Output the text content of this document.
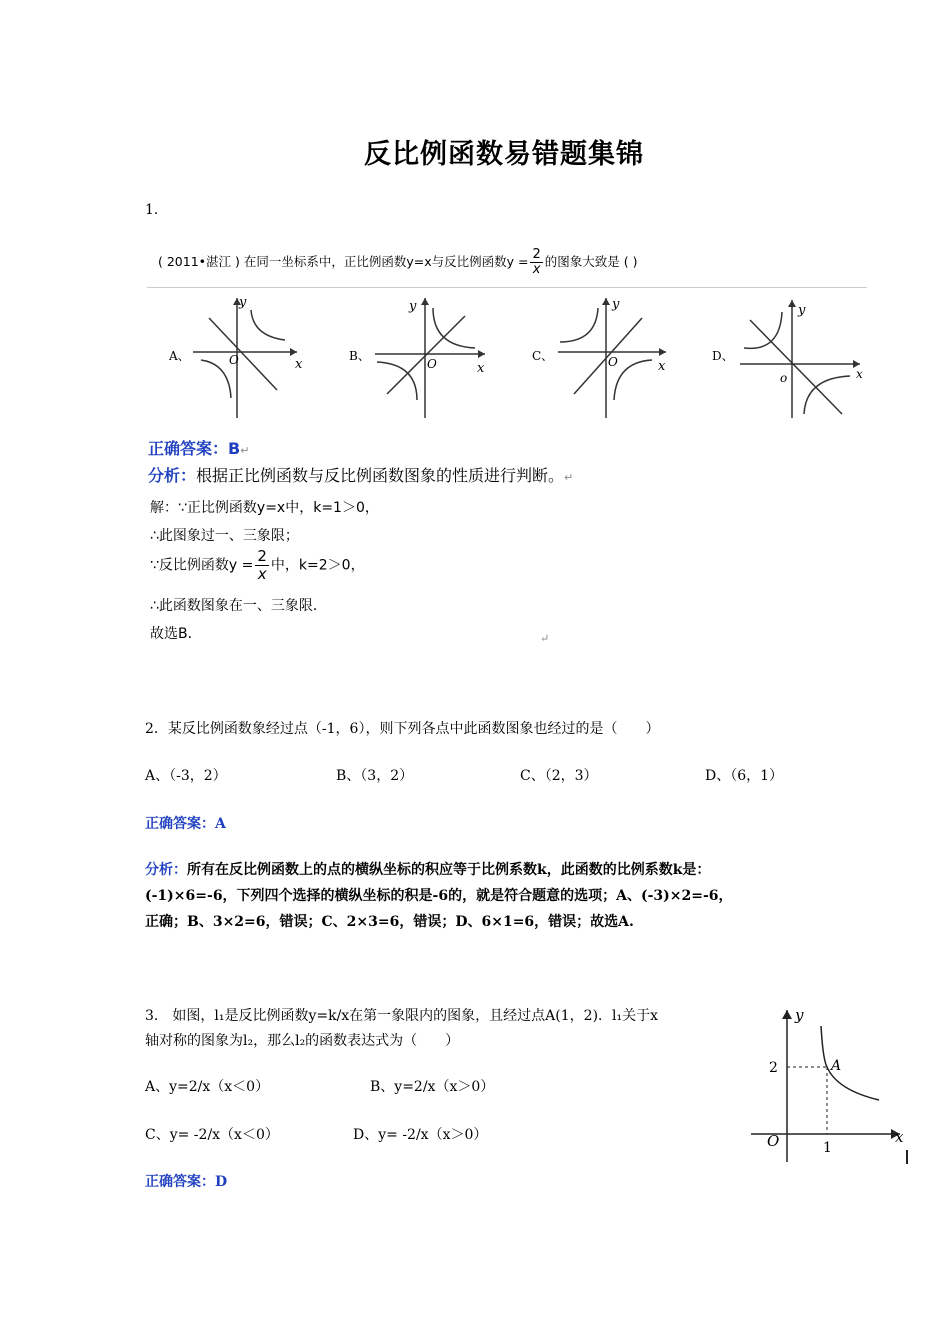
反比例函数易错题集锦
1.
( 2011•湛江 ) 在同一坐标系中，正比例函数y=x与反比例函数$y = \frac{2}{x}$ 的图象大致是 ( )
A、
y
x
O	B、
y
x
O
C、
y
x
O	D、
y
x
o
正确答案：B↵
分析：根据正比例函数与反比例函数图象的性质进行判断。↵
解：∵正比例函数y=x中，k=1＞0，
∴此图象过一、三象限；
∵反比例函数$y = \frac{2}{x}$ 中，k=2＞0，
∴此函数图象在一、三象限．
故选B．	↵
2．某反比例函数象经过点（-1，6），则下列各点中此函数图象也经过的是（　　）
A、（-3，2）	B、（3，2）	C、（2，3）	D、（6，1）
正确答案：A
分析：所有在反比例函数上的点的横纵坐标的积应等于比例系数k，此函数的比例系数k是：
(-1)×6=-6，下列四个选择的横纵坐标的积是-6的，就是符合题意的选项；A、(-3)×2=-6，
正确；B、3×2=6，错误；C、2×3=6，错误；D、6×1=6，错误；故选A.
3． 如图，l₁是反比例函数y=k/x在第一象限内的图象，且经过点A(1，2)．l₁关于x
轴对称的图象为l₂，那么l₂的函数表达式为（　　）
A、y=2/x（x＜0）	B、y=2/x（x＞0）
C、y= -2/x（x＜0）	D、y= -2/x（x＞0）
正确答案：D
y
x
O
2
1
A
